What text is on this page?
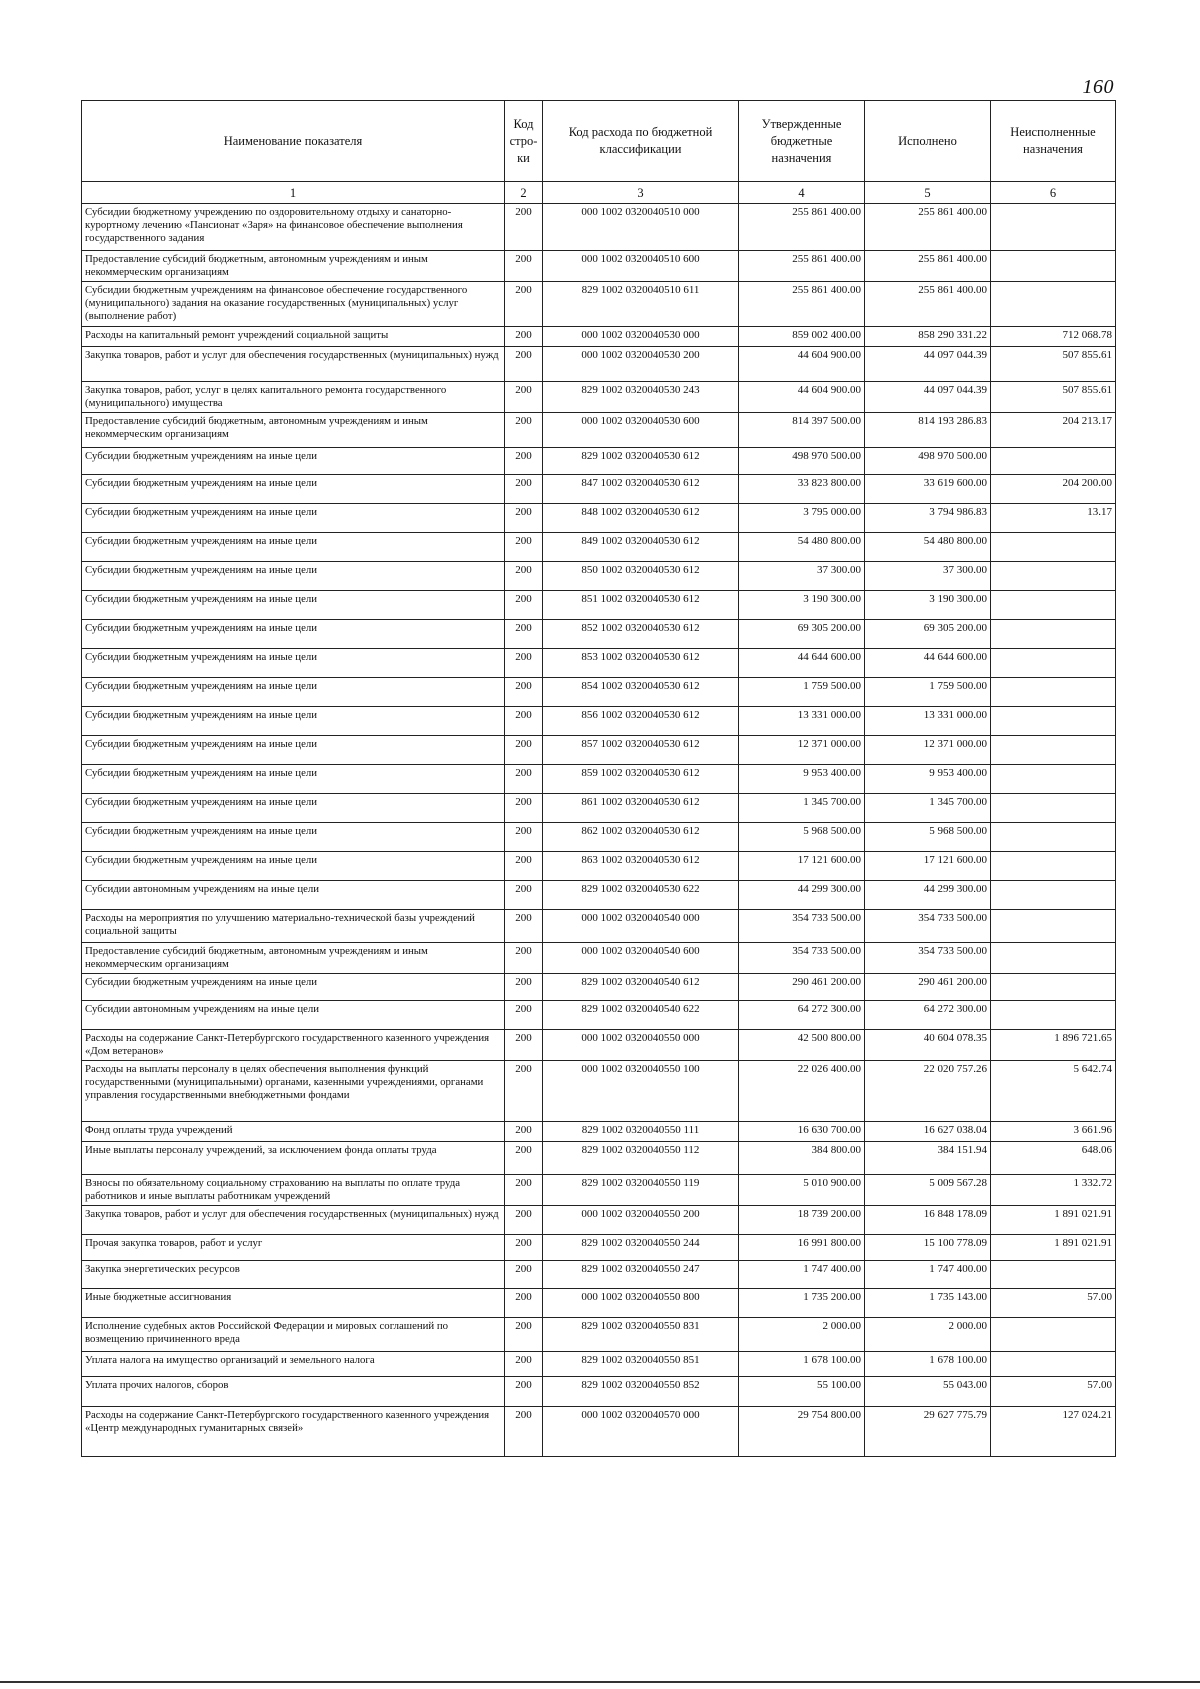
160
Наименование показателя	Код стро-ки	Код расхода по бюджетной классификации	Утвержденные бюджетные назначения	Исполнено	Неисполненные назначения
1	2	3	4	5	6
Субсидии бюджетному учреждению по оздоровительному отдыху и санаторно-курортному лечению «Пансионат «Заря» на финансовое обеспечение выполнения государственного задания	200	000 1002 0320040510 000	255 861 400.00	255 861 400.00	
Предоставление субсидий бюджетным, автономным учреждениям и иным некоммерческим организациям	200	000 1002 0320040510 600	255 861 400.00	255 861 400.00	
Субсидии бюджетным учреждениям на финансовое обеспечение государственного (муниципального) задания на оказание государственных (муниципальных) услуг (выполнение работ)	200	829 1002 0320040510 611	255 861 400.00	255 861 400.00	
Расходы на капитальный ремонт учреждений социальной защиты	200	000 1002 0320040530 000	859 002 400.00	858 290 331.22	712 068.78
Закупка товаров, работ и услуг для обеспечения государственных (муниципальных) нужд	200	000 1002 0320040530 200	44 604 900.00	44 097 044.39	507 855.61
Закупка товаров, работ, услуг в целях капитального ремонта государственного (муниципального) имущества	200	829 1002 0320040530 243	44 604 900.00	44 097 044.39	507 855.61
Предоставление субсидий бюджетным, автономным учреждениям и иным некоммерческим организациям	200	000 1002 0320040530 600	814 397 500.00	814 193 286.83	204 213.17
Субсидии бюджетным учреждениям на иные цели	200	829 1002 0320040530 612	498 970 500.00	498 970 500.00	
Субсидии бюджетным учреждениям на иные цели	200	847 1002 0320040530 612	33 823 800.00	33 619 600.00	204 200.00
Субсидии бюджетным учреждениям на иные цели	200	848 1002 0320040530 612	3 795 000.00	3 794 986.83	13.17
Субсидии бюджетным учреждениям на иные цели	200	849 1002 0320040530 612	54 480 800.00	54 480 800.00	
Субсидии бюджетным учреждениям на иные цели	200	850 1002 0320040530 612	37 300.00	37 300.00	
Субсидии бюджетным учреждениям на иные цели	200	851 1002 0320040530 612	3 190 300.00	3 190 300.00	
Субсидии бюджетным учреждениям на иные цели	200	852 1002 0320040530 612	69 305 200.00	69 305 200.00	
Субсидии бюджетным учреждениям на иные цели	200	853 1002 0320040530 612	44 644 600.00	44 644 600.00	
Субсидии бюджетным учреждениям на иные цели	200	854 1002 0320040530 612	1 759 500.00	1 759 500.00	
Субсидии бюджетным учреждениям на иные цели	200	856 1002 0320040530 612	13 331 000.00	13 331 000.00	
Субсидии бюджетным учреждениям на иные цели	200	857 1002 0320040530 612	12 371 000.00	12 371 000.00	
Субсидии бюджетным учреждениям на иные цели	200	859 1002 0320040530 612	9 953 400.00	9 953 400.00	
Субсидии бюджетным учреждениям на иные цели	200	861 1002 0320040530 612	1 345 700.00	1 345 700.00	
Субсидии бюджетным учреждениям на иные цели	200	862 1002 0320040530 612	5 968 500.00	5 968 500.00	
Субсидии бюджетным учреждениям на иные цели	200	863 1002 0320040530 612	17 121 600.00	17 121 600.00	
Субсидии автономным учреждениям на иные цели	200	829 1002 0320040530 622	44 299 300.00	44 299 300.00	
Расходы на мероприятия по улучшению материально-технической базы учреждений социальной защиты	200	000 1002 0320040540 000	354 733 500.00	354 733 500.00	
Предоставление субсидий бюджетным, автономным учреждениям и иным некоммерческим организациям	200	000 1002 0320040540 600	354 733 500.00	354 733 500.00	
Субсидии бюджетным учреждениям на иные цели	200	829 1002 0320040540 612	290 461 200.00	290 461 200.00	
Субсидии автономным учреждениям на иные цели	200	829 1002 0320040540 622	64 272 300.00	64 272 300.00	
Расходы на содержание Санкт-Петербургского государственного казенного учреждения «Дом ветеранов»	200	000 1002 0320040550 000	42 500 800.00	40 604 078.35	1 896 721.65
Расходы на выплаты персоналу в целях обеспечения выполнения функций государственными (муниципальными) органами, казенными учреждениями, органами управления государственными внебюджетными фондами	200	000 1002 0320040550 100	22 026 400.00	22 020 757.26	5 642.74
Фонд оплаты труда учреждений	200	829 1002 0320040550 111	16 630 700.00	16 627 038.04	3 661.96
Иные выплаты персоналу учреждений, за исключением фонда оплаты труда	200	829 1002 0320040550 112	384 800.00	384 151.94	648.06
Взносы по обязательному социальному страхованию на выплаты по оплате труда работников и иные выплаты работникам учреждений	200	829 1002 0320040550 119	5 010 900.00	5 009 567.28	1 332.72
Закупка товаров, работ и услуг для обеспечения государственных (муниципальных) нужд	200	000 1002 0320040550 200	18 739 200.00	16 848 178.09	1 891 021.91
Прочая закупка товаров, работ и услуг	200	829 1002 0320040550 244	16 991 800.00	15 100 778.09	1 891 021.91
Закупка энергетических ресурсов	200	829 1002 0320040550 247	1 747 400.00	1 747 400.00	
Иные бюджетные ассигнования	200	000 1002 0320040550 800	1 735 200.00	1 735 143.00	57.00
Исполнение судебных актов Российской Федерации и мировых соглашений по возмещению причиненного вреда	200	829 1002 0320040550 831	2 000.00	2 000.00	
Уплата налога на имущество организаций и земельного налога	200	829 1002 0320040550 851	1 678 100.00	1 678 100.00	
Уплата прочих налогов, сборов	200	829 1002 0320040550 852	55 100.00	55 043.00	57.00
Расходы на содержание Санкт-Петербургского государственного казенного учреждения «Центр международных гуманитарных связей»	200	000 1002 0320040570 000	29 754 800.00	29 627 775.79	127 024.21
